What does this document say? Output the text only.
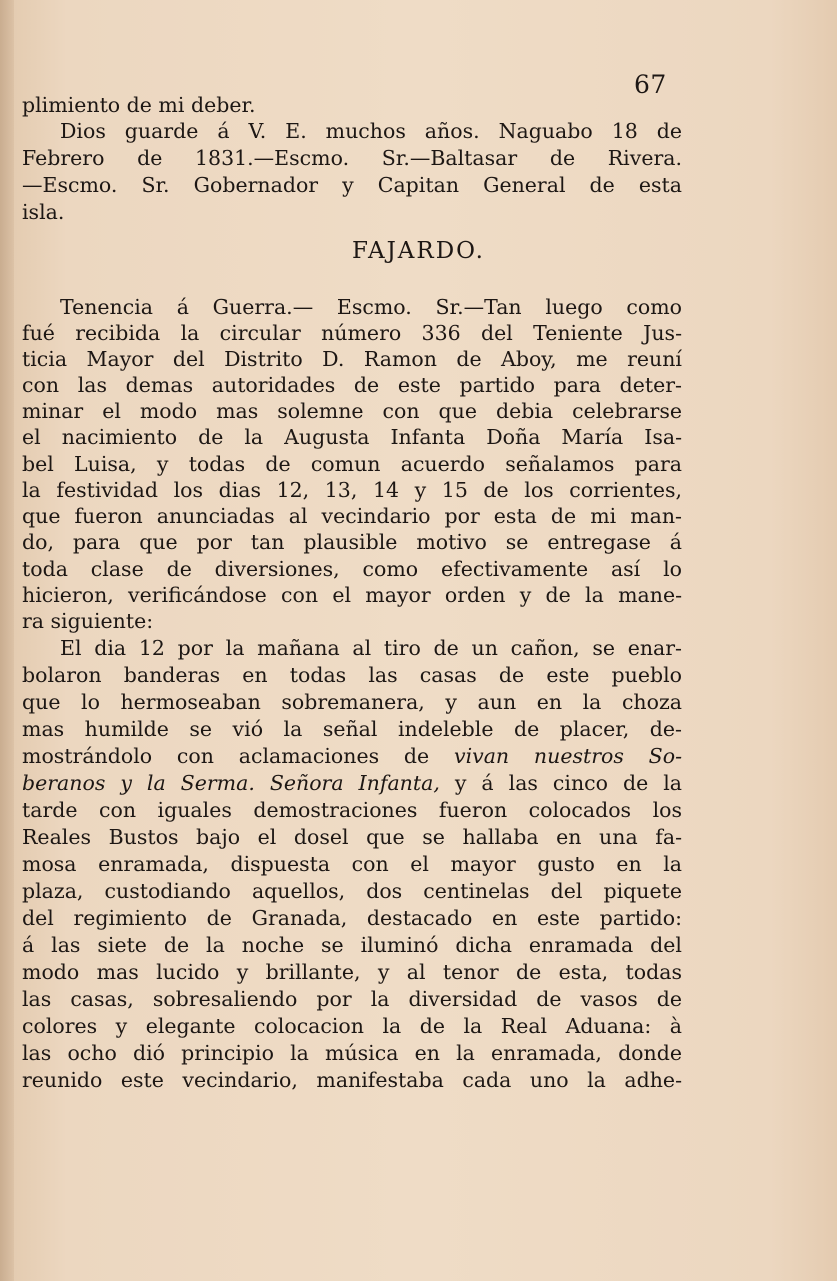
67
plimiento de mi deber.
Dios guarde á V. E. muchos años. Naguabo 18 de
Febrero de 1831.—Escmo. Sr.—Baltasar de Rivera.
—Escmo. Sr. Gobernador y Capitan General de esta
isla.
FAJARDO.
Tenencia á Guerra.— Escmo. Sr.—Tan luego como
fué recibida la circular número 336 del Teniente Jus-
ticia Mayor del Distrito D. Ramon de Aboy, me reuní
con las demas autoridades de este partido para deter-
minar el modo mas solemne con que debia celebrarse
el nacimiento de la Augusta Infanta Doña María Isa-
bel Luisa, y todas de comun acuerdo señalamos para
la festividad los dias 12, 13, 14 y 15 de los corrientes,
que fueron anunciadas al vecindario por esta de mi man-
do, para que por tan plausible motivo se entregase á
toda clase de diversiones, como efectivamente así lo
hicieron, verificándose con el mayor orden y de la mane-
ra siguiente:
El dia 12 por la mañana al tiro de un cañon, se enar-
bolaron banderas en todas las casas de este pueblo
que lo hermoseaban sobremanera, y aun en la choza
mas humilde se vió la señal indeleble de placer, de-
mostrándolo con aclamaciones de vivan nuestros So-
beranos y la Serma. Señora Infanta, y á las cinco de la
tarde con iguales demostraciones fueron colocados los
Reales Bustos bajo el dosel que se hallaba en una fa-
mosa enramada, dispuesta con el mayor gusto en la
plaza, custodiando aquellos, dos centinelas del piquete
del regimiento de Granada, destacado en este partido:
á las siete de la noche se iluminó dicha enramada del
modo mas lucido y brillante, y al tenor de esta, todas
las casas, sobresaliendo por la diversidad de vasos de
colores y elegante colocacion la de la Real Aduana: à
las ocho dió principio la música en la enramada, donde
reunido este vecindario, manifestaba cada uno la adhe-
